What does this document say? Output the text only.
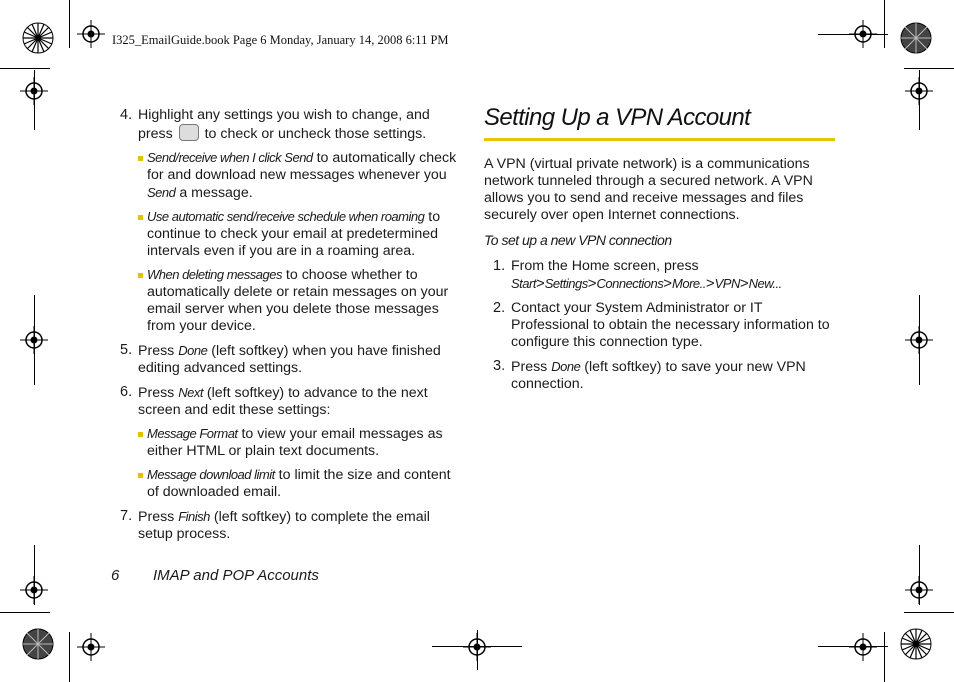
I325_EmailGuide.book Page 6 Monday, January 14, 2008 6:11 PM
4. Highlight any settings you wish to change, and press to check or uncheck those settings.
Send/receive when I click Send to automatically check for and download new messages whenever you Send a message.
Use automatic send/receive schedule when roaming to continue to check your email at predetermined intervals even if you are in a roaming area.
When deleting messages to choose whether to automatically delete or retain messages on your email server when you delete those messages from your device.
5. Press Done (left softkey) when you have finished editing advanced settings.
6. Press Next (left softkey) to advance to the next screen and edit these settings:
Message Format to view your email messages as either HTML or plain text documents.
Message download limit to limit the size and content of downloaded email.
7. Press Finish (left softkey) to complete the email setup process.
Setting Up a VPN Account
A VPN (virtual private network) is a communications network tunneled through a secured network. A VPN allows you to send and receive messages and files securely over open Internet connections.
To set up a new VPN connection
1. From the Home screen, press Start>Settings>Connections>More..>VPN>New...
2. Contact your System Administrator or IT Professional to obtain the necessary information to configure this connection type.
3. Press Done (left softkey) to save your new VPN connection.
6 IMAP and POP Accounts
